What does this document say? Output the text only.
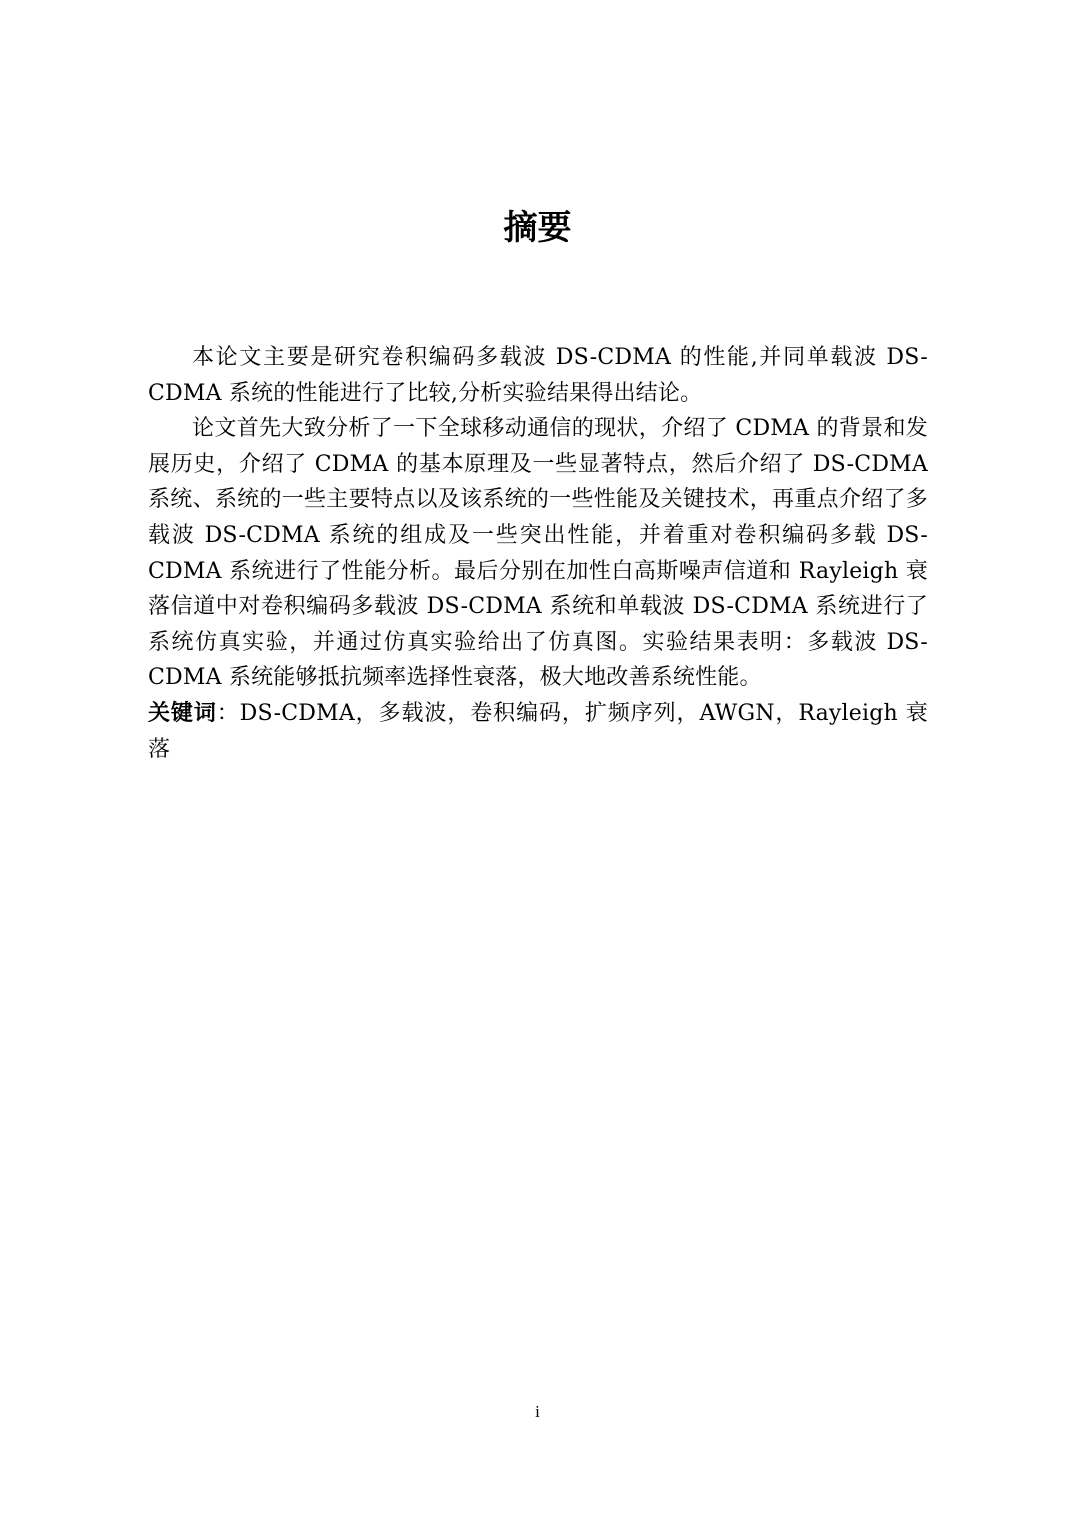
摘要

本论文主要是研究卷积编码多载波 DS-CDMA 的性能,并同单载波 DS-CDMA 系统的性能进行了比较,分析实验结果得出结论。

论文首先大致分析了一下全球移动通信的现状，介绍了 CDMA 的背景和发展历史，介绍了 CDMA 的基本原理及一些显著特点，然后介绍了 DS-CDMA 系统、系统的一些主要特点以及该系统的一些性能及关键技术，再重点介绍了多载波 DS-CDMA 系统的组成及一些突出性能，并着重对卷积编码多载 DS-CDMA 系统进行了性能分析。最后分别在加性白高斯噪声信道和 Rayleigh 衰落信道中对卷积编码多载波 DS-CDMA 系统和单载波 DS-CDMA 系统进行了系统仿真实验，并通过仿真实验给出了仿真图。实验结果表明：多载波 DS-CDMA 系统能够抵抗频率选择性衰落，极大地改善系统性能。

关键词：DS-CDMA，多载波，卷积编码，扩频序列，AWGN，Rayleigh 衰落

i
